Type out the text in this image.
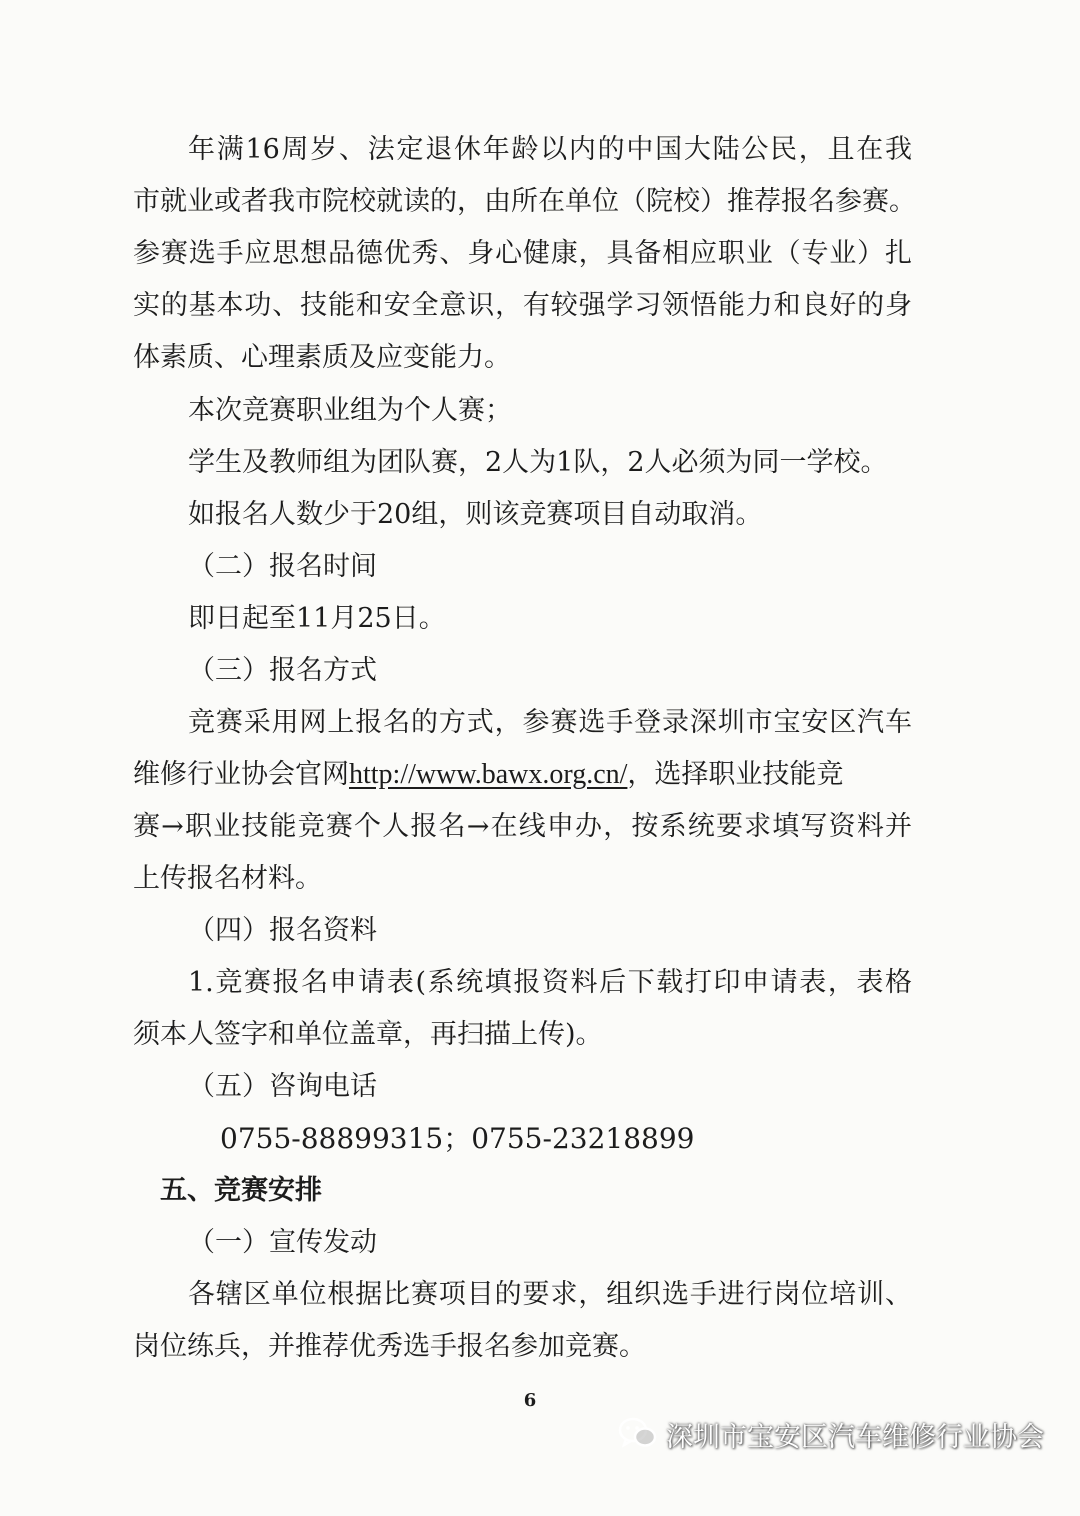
年满16周岁、法定退休年龄以内的中国大陆公民，且在我
市就业或者我市院校就读的，由所在单位（院校）推荐报名参赛。
参赛选手应思想品德优秀、身心健康，具备相应职业（专业）扎
实的基本功、技能和安全意识，有较强学习领悟能力和良好的身
体素质、心理素质及应变能力。
本次竞赛职业组为个人赛；
学生及教师组为团队赛，2人为1队，2人必须为同一学校。
如报名人数少于20组，则该竞赛项目自动取消。
（二）报名时间
即日起至11月25日。
（三）报名方式
竞赛采用网上报名的方式，参赛选手登录深圳市宝安区汽车
维修行业协会官网http://www.bawx.org.cn/，选择职业技能竞
赛→职业技能竞赛个人报名→在线申办，按系统要求填写资料并
上传报名材料。
（四）报名资料
1.竞赛报名申请表(系统填报资料后下载打印申请表，表格
须本人签字和单位盖章，再扫描上传)。
（五）咨询电话
0755-88899315；0755-23218899
五、竞赛安排
（一）宣传发动
各辖区单位根据比赛项目的要求，组织选手进行岗位培训、
岗位练兵，并推荐优秀选手报名参加竞赛。
6
深圳市宝安区汽车维修行业协会
